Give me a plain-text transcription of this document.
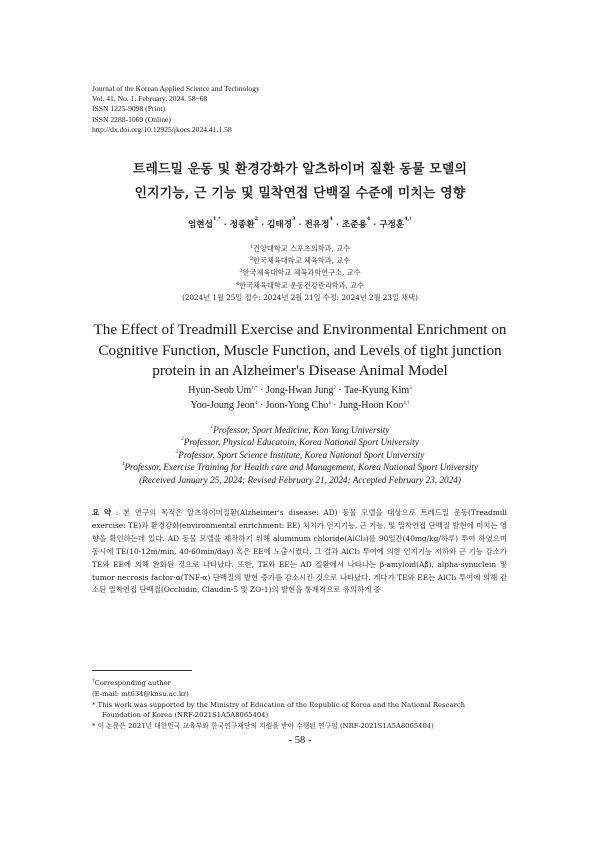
Journal of the Korean Applied Science and Technology
Vol. 41, No. 1. February, 2024. 58~68
ISSN 1225-9098 (Print)
ISSN 2288-1069 (Online)
http://dx.doi.org/10.12925/jkocs.2024.41.1.58
트레드밀 운동 및 환경강화가 알츠하이머 질환 동물 모델의
인지기능, 근 기능 및 밀착연접 단백질 수준에 미치는 영향
엄현섭$^{1,*}$ · 정종환$^2$ · 김태경$^3$ · 전유정$^4$ · 조준용$^4$ · 구정훈$^{4,\dagger}$
$^1$건양대학교 스포츠의학과, 교수
$^2$한국체육대학교 체육학과, 교수
$^3$한국체육대학교 체육과학연구소, 교수
$^4$한국체육대학교 운동건강관리학과, 교수
(2024년 1월 25일 접수: 2024년 2월 21일 수정: 2024년 2월 23일 채택)
The Effect of Treadmill Exercise and Environmental Enrichment on
Cognitive Function, Muscle Function, and Levels of tight junction
protein in an Alzheimer's Disease Animal Model
Hyun-Seob $Um^{1,*}$ · Jong-Hwan Jung$^2$ · Tae-Kyung Kim$^3$
Yoo-Joung Jeon$^4$ · Joon-Yong Cho$^4$ · Jung-Hoon Koo$^{4,\dagger}$
$^1$Professor, Sport Medicine, Kon Yang University
$^2$Professor, Physical Educatoin, Korea National Sport University
$^3$Professor, Sport Science Institute, Korea National Sport University
$^4$Professor, Exercise Training for Health care and Management, Korea National Sport University
(Received January 25, 2024; Revised February 21, 2024; Accepted February 23, 2024)
요 약 : 본 연구의 목적은 알츠하이머질환(Alzheimer's disease: AD) 동물 모델을 대상으로 트레드밀 운동(Treadmill exercise: TE)과 환경강화(environmental enrichment: EE) 처치가 인지기능, 근 기능, 및 밀착연접 단백질 발현에 미치는 영향을 확인하는데 있다. AD 동물 모델을 제작하기 위해 aluminum chloride(AlCl₃)를 90일간(40mg/kg/하루) 투여 하였으며 동시에 TE(10-12m/min, 40-60min/day) 혹은 EE에 노출시켰다. 그 결과 AlCl₃ 투여에 의한 인지기능 저하와 근 기능 감소가 TE와 EE에 의해 완화된 것으로 나타났다. 또한, TE와 EE는 AD 질환에서 나타나는 β-amyloid(Aβ), alpha-synuclein 및 tumor necrosis factor-α(TNF-α) 단백질의 발현 증가를 감소시킨 것으로 나타났다. 게다가 TE와 EE는 AlCl₃ 투여에 의해 감소된 밀착연접 단백질(Occludin, Claudin-5 및 ZO-1)의 발현을 통계적으로 유의하게 증
†Corresponding author
(E-mail: mt634@knsu.ac.kr)
* This work was supported by the Ministry of Education of the Republic of Korea and the National Research
Foundation of Korea (NRF-2021S1A5A8065404)
* 이 논문은 2021년 대한민국 교육부와 한국연구재단의 지원을 받아 수행된 연구임 (NRF-2021S1A5A8065404)
- 58 -
